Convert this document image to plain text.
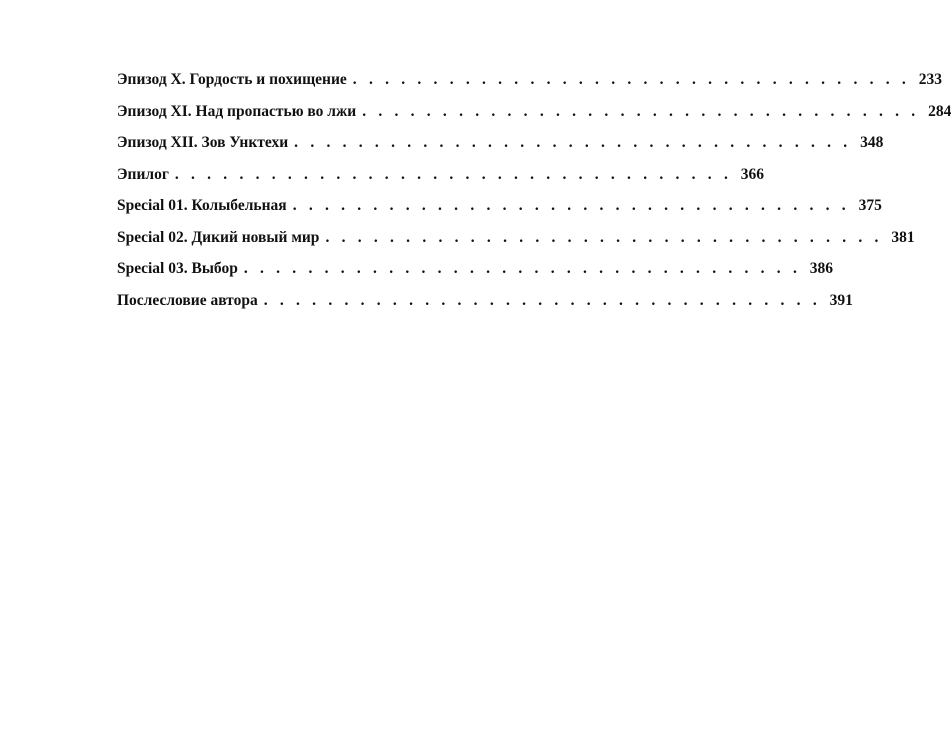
Эпизод X. Гордость и похищение . . . . . . . . . . . . . . . . . . . . . . . . . . . . . . . . . . . 233
Эпизод XI. Над пропастью во лжи . . . . . . . . . . . . . . . . . . . . . . . . . . . . . . . . . . . 284
Эпизод XII. Зов Унктехи . . . . . . . . . . . . . . . . . . . . . . . . . . . . . . . . . . . 348
Эпилог . . . . . . . . . . . . . . . . . . . . . . . . . . . . . . . . . . . 366
Special 01. Колыбельная . . . . . . . . . . . . . . . . . . . . . . . . . . . . . . . . . . . 375
Special 02. Дикий новый мир . . . . . . . . . . . . . . . . . . . . . . . . . . . . . . . . . . . 381
Special 03. Выбор . . . . . . . . . . . . . . . . . . . . . . . . . . . . . . . . . . . 386
Послесловие автора . . . . . . . . . . . . . . . . . . . . . . . . . . . . . . . . . . . 391
